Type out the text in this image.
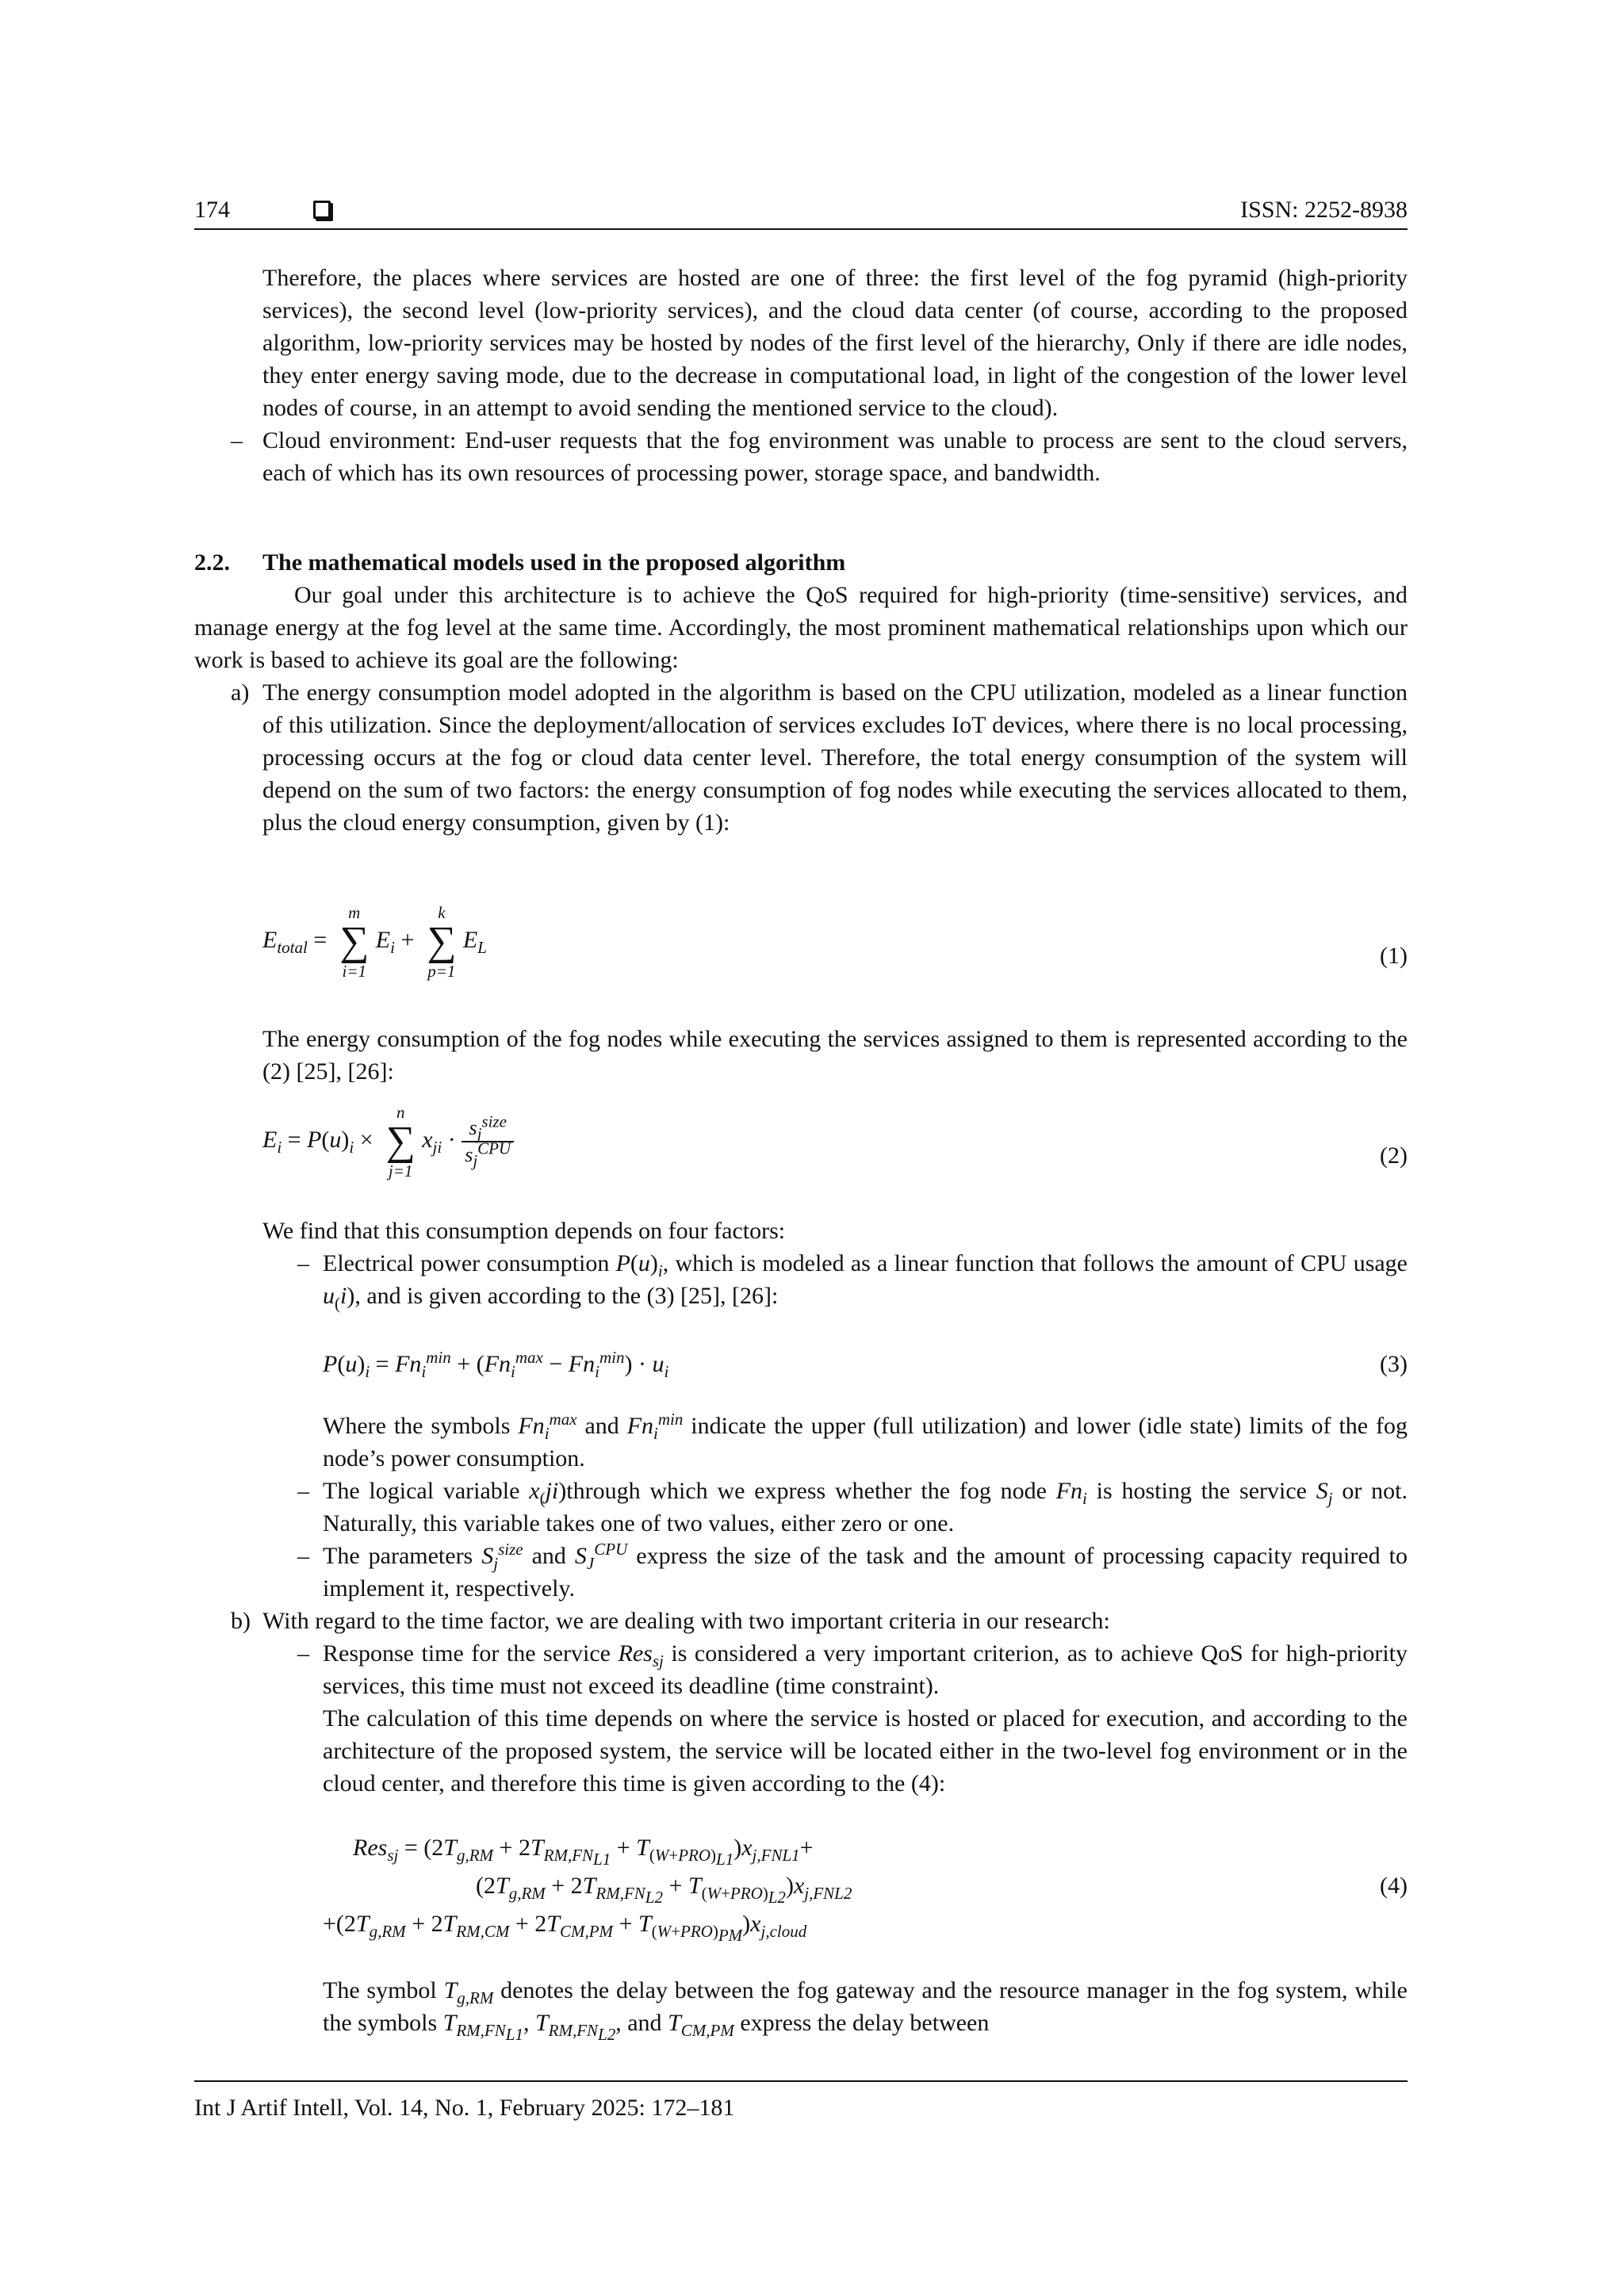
174	ISSN: 2252-8938

Therefore, the places where services are hosted are one of three: the first level of the fog pyramid (high-priority services), the second level (low-priority services), and the cloud data center (of course, according to the proposed algorithm, low-priority services may be hosted by nodes of the first level of the hierarchy, Only if there are idle nodes, they enter energy saving mode, due to the decrease in computational load, in light of the congestion of the lower level nodes of course, in an attempt to avoid sending the mentioned service to the cloud).

– Cloud environment: End-user requests that the fog environment was unable to process are sent to the cloud servers, each of which has its own resources of processing power, storage space, and bandwidth.
2.2. The mathematical models used in the proposed algorithm

Our goal under this architecture is to achieve the QoS required for high-priority (time-sensitive) services, and manage energy at the fog level at the same time. Accordingly, the most prominent mathematical relationships upon which our work is based to achieve its goal are the following:

a) The energy consumption model adopted in the algorithm is based on the CPU utilization, modeled as a linear function of this utilization. Since the deployment/allocation of services excludes IoT devices, where there is no local processing, processing occurs at the fog or cloud data center level. Therefore, the total energy consumption of the system will depend on the sum of two factors: the energy consumption of fog nodes while executing the services allocated to them, plus the cloud energy consumption, given by (1):
$E_{total}$ =
m
∑
i=1
$E_i$ +
k
∑
p=1
$E_L$	(1)

The energy consumption of the fog nodes while executing the services assigned to them is represented according to the (2) [25], [26]:

$E_i = P(u)_i$ ×
n
∑
j=1
$x_{ji} \cdot \frac{s_j^{size}}{s_j^{CPU}}$	(2)

We find that this consumption depends on four factors:

– Electrical power consumption $P(u)_i$, which is modeled as a linear function that follows the amount of CPU usage $u_(i$), and is given according to the (3) [25], [26]:
$P(u)_i = Fn_i^{min} + (Fn_i^{max} - Fn_i^{min}) \cdot u_i$	(3)

Where the symbols $Fn_i^{max}$ and $Fn_i^{min}$ indicate the upper (full utilization) and lower (idle state) limits of the fog node’s power consumption.

– The logical variable $x_(ji)through$ which we express whether the fog node $Fn_i$ is hosting the service $S_j$ or not. Naturally, this variable takes one of two values, either zero or one.
– The parameters $S_j^{size}$ and $S_J^{CPU}$ express the size of the task and the amount of processing capacity required to implement it, respectively.
b) With regard to the time factor, we are dealing with two important criteria in our research:
– Response time for the service Res$_{sj}$ is considered a very important criterion, as to achieve QoS for high-priority services, this time must not exceed its deadline (time constraint).

The calculation of this time depends on where the service is hosted or placed for execution, and according to the architecture of the proposed system, the service will be located either in the two-level fog environment or in the cloud center, and therefore this time is given according to the (4):

$Res_{sj} = (2T_{g,RM} + 2T_{RM,FN_{L1}} + T_{(W+PRO)_{L1}})x_{j,FNL1}+$
$(2T_{g,RM} + 2T_{RM,FN_{L2}} + T_{(W+PRO)_{L2}})x_{j,FNL2}$
$+(2T_{g,RM} + 2T_{RM,CM} + 2T_{CM,PM} + T_{(W+PRO)_{PM}})x_{j,cloud}$
(4)

The symbol $T_{g,RM}$ denotes the delay between the fog gateway and the resource manager in the fog system, while the symbols $T_{RM,FN_{L1}}$, $T_{RM,FN_{L2}}$, and $T_{CM,PM}$ express the delay between

Int J Artif Intell, Vol. 14, No. 1, February 2025: 172–181
